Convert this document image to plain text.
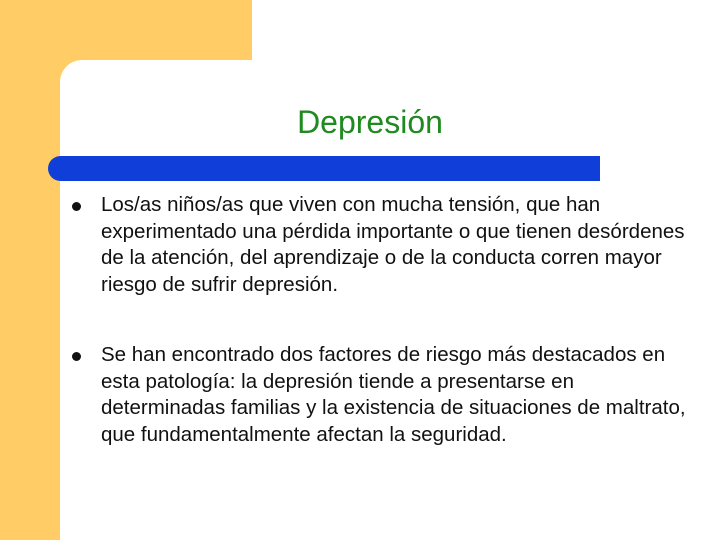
Depresión
Los/as niños/as que viven con mucha tensión, que han experimentado una pérdida importante o que tienen desórdenes de la atención, del aprendizaje o de la conducta corren mayor riesgo de sufrir depresión.
Se han encontrado dos factores de riesgo más destacados en esta patología: la depresión tiende a presentarse en determinadas familias y la existencia de situaciones de maltrato, que fundamentalmente afectan la seguridad.
